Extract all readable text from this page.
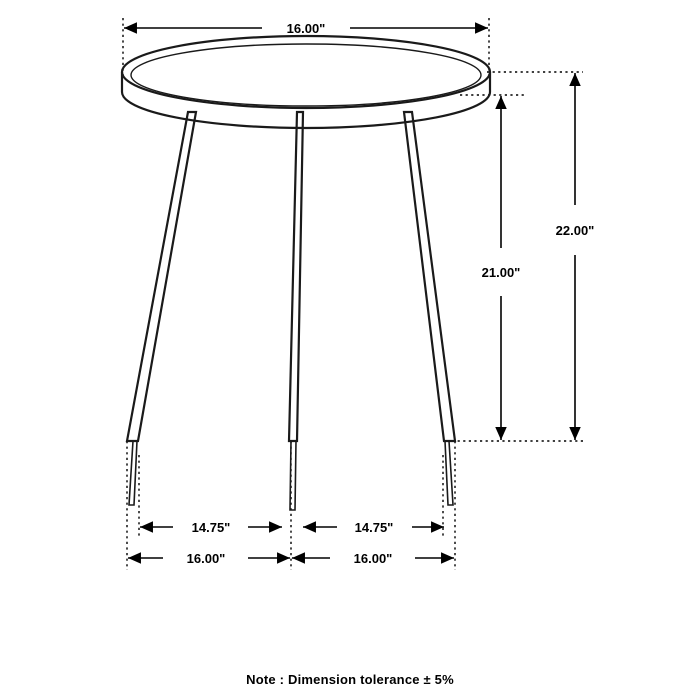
16.00"
22.00"
21.00"
14.75"	14.75"
16.00"	16.00"
Note : Dimension tolerance ± 5%
